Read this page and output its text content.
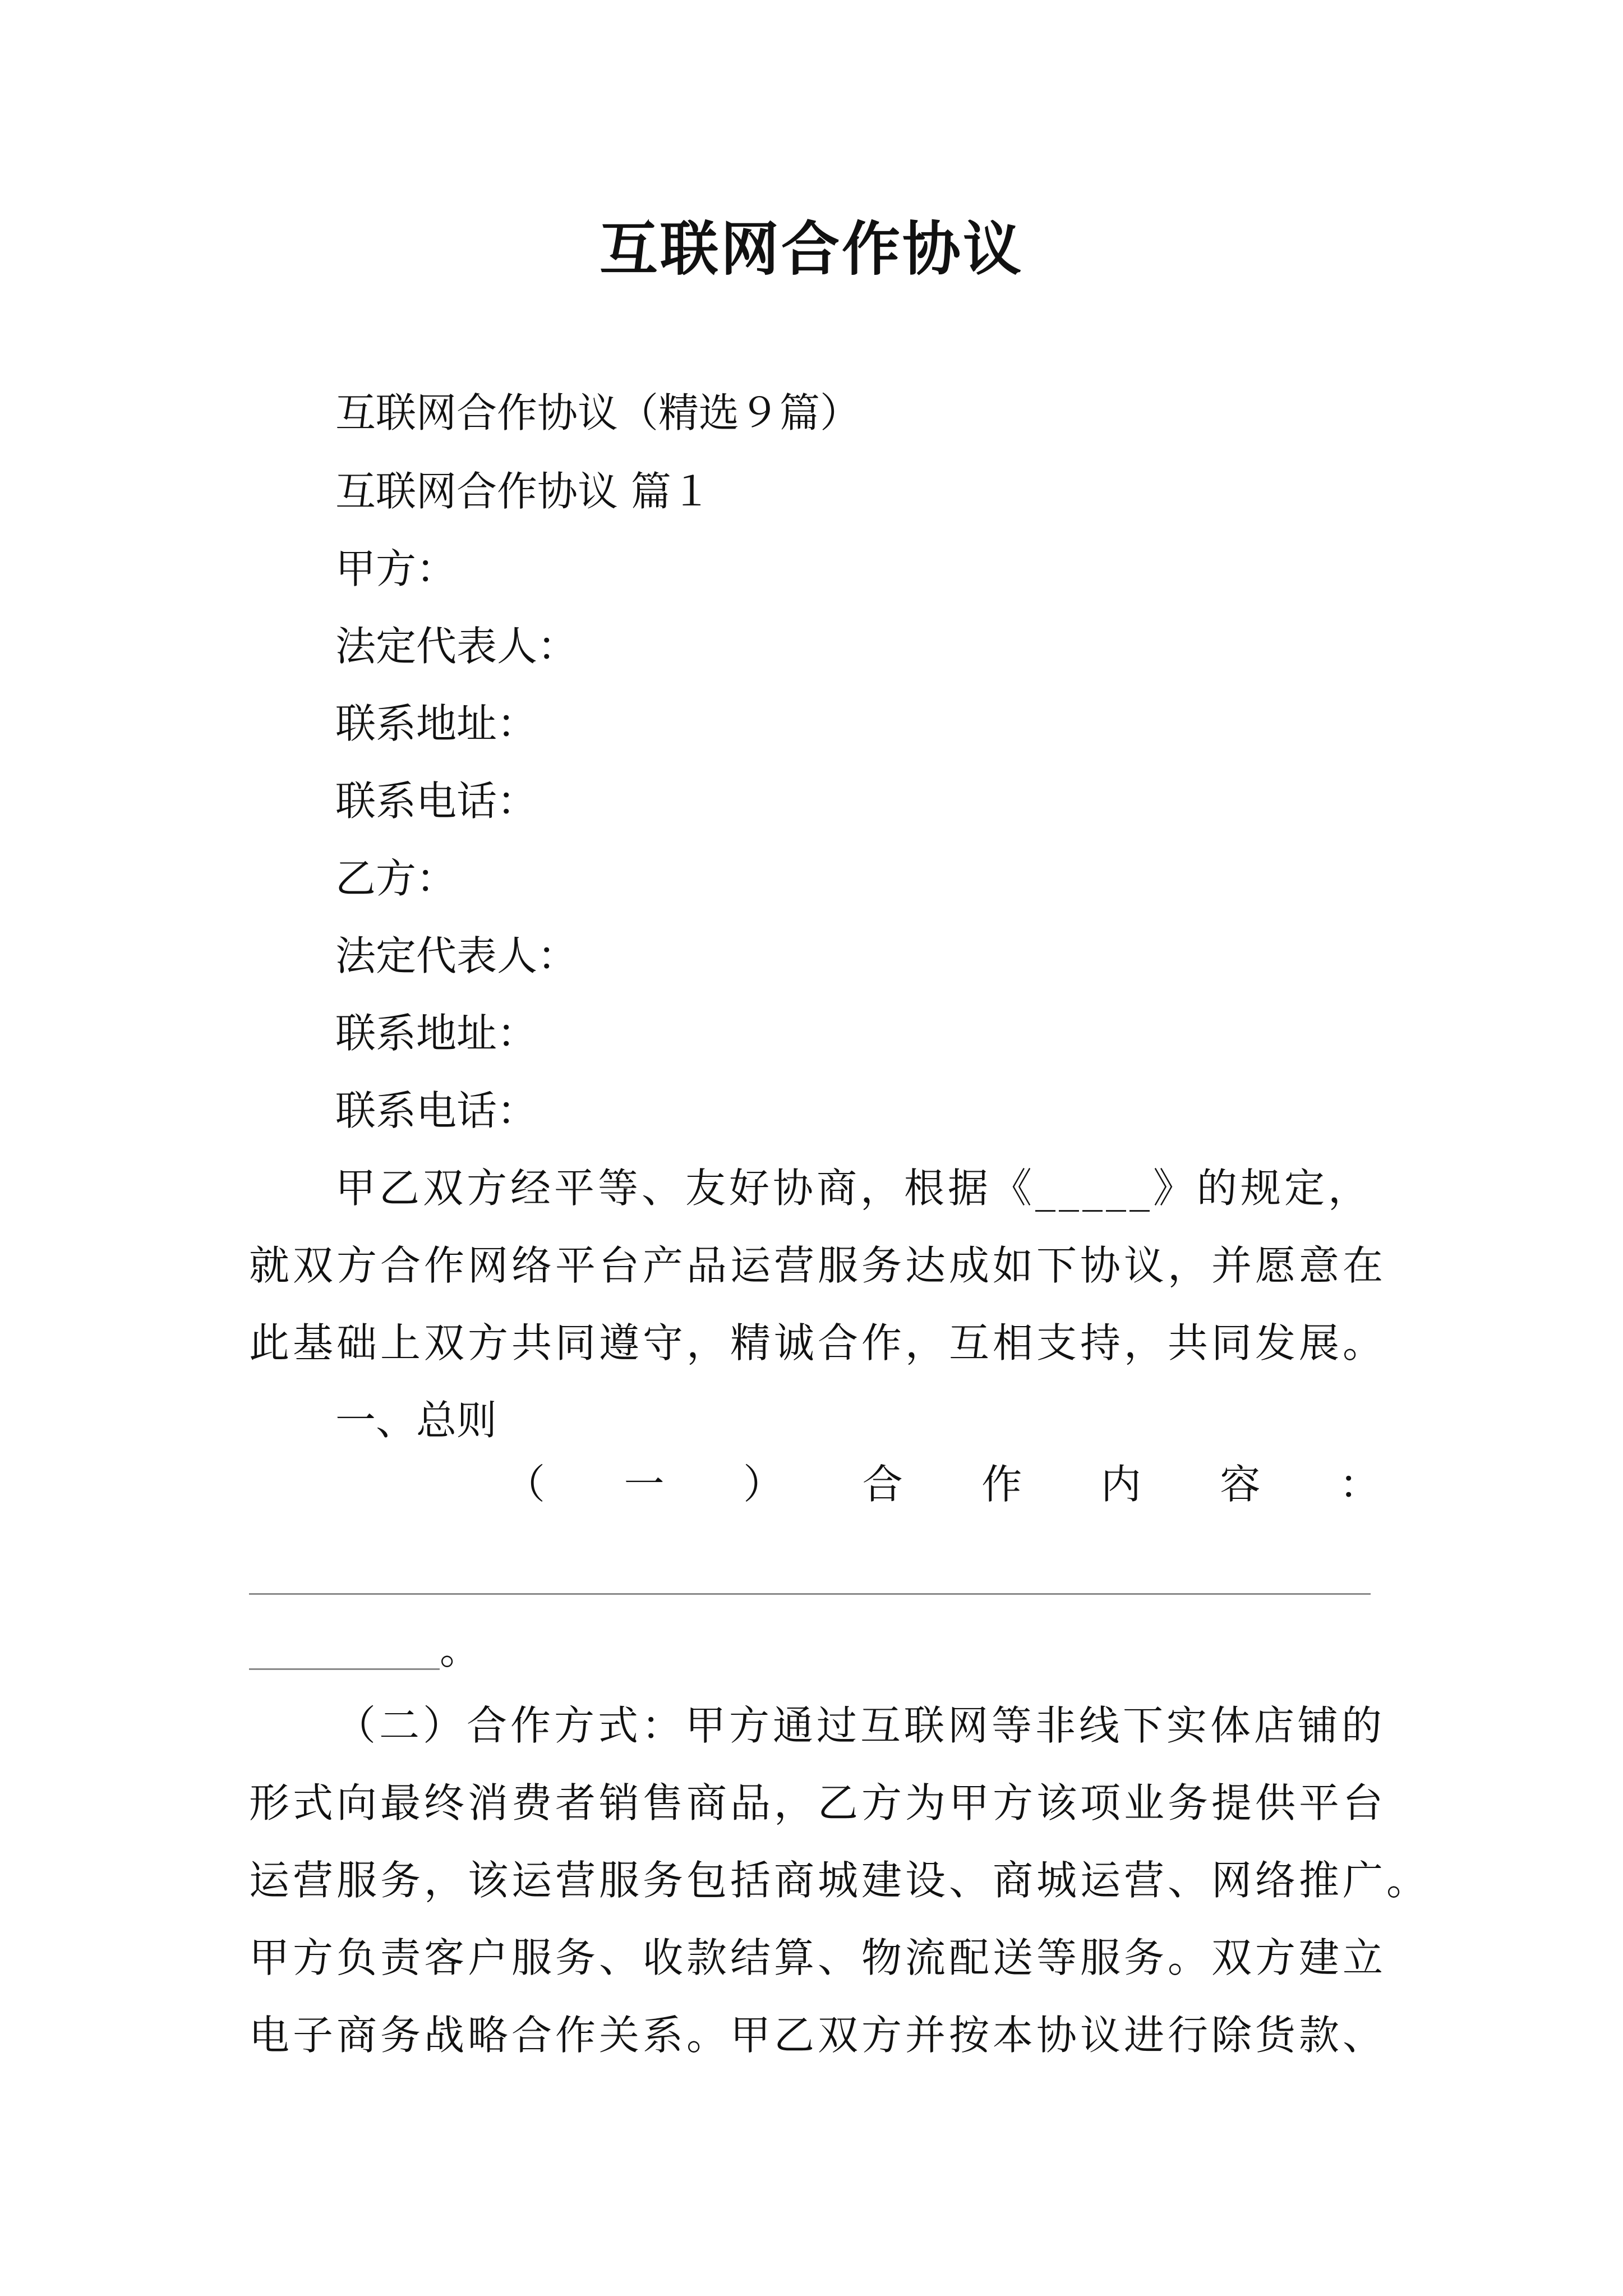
互联网合作协议
互联网合作协议（精选９篇）
互联网合作协议 篇１
甲方：
法定代表人：
联系地址：
联系电话：
乙方：
法定代表人：
联系地址：
联系电话：
甲乙双方经平等、友好协商，根据《_____》的规定，
就双方合作网络平台产品运营服务达成如下协议，并愿意在
此基础上双方共同遵守，精诚合作，互相支持，共同发展。
一、总则
（ 一 ） 合 作 内 容 ：
。
（二）合作方式：甲方通过互联网等非线下实体店铺的
形式向最终消费者销售商品，乙方为甲方该项业务提供平台
运营服务，该运营服务包括商城建设、商城运营、网络推广。
甲方负责客户服务、收款结算、物流配送等服务。双方建立
电子商务战略合作关系。甲乙双方并按本协议进行除货款、
